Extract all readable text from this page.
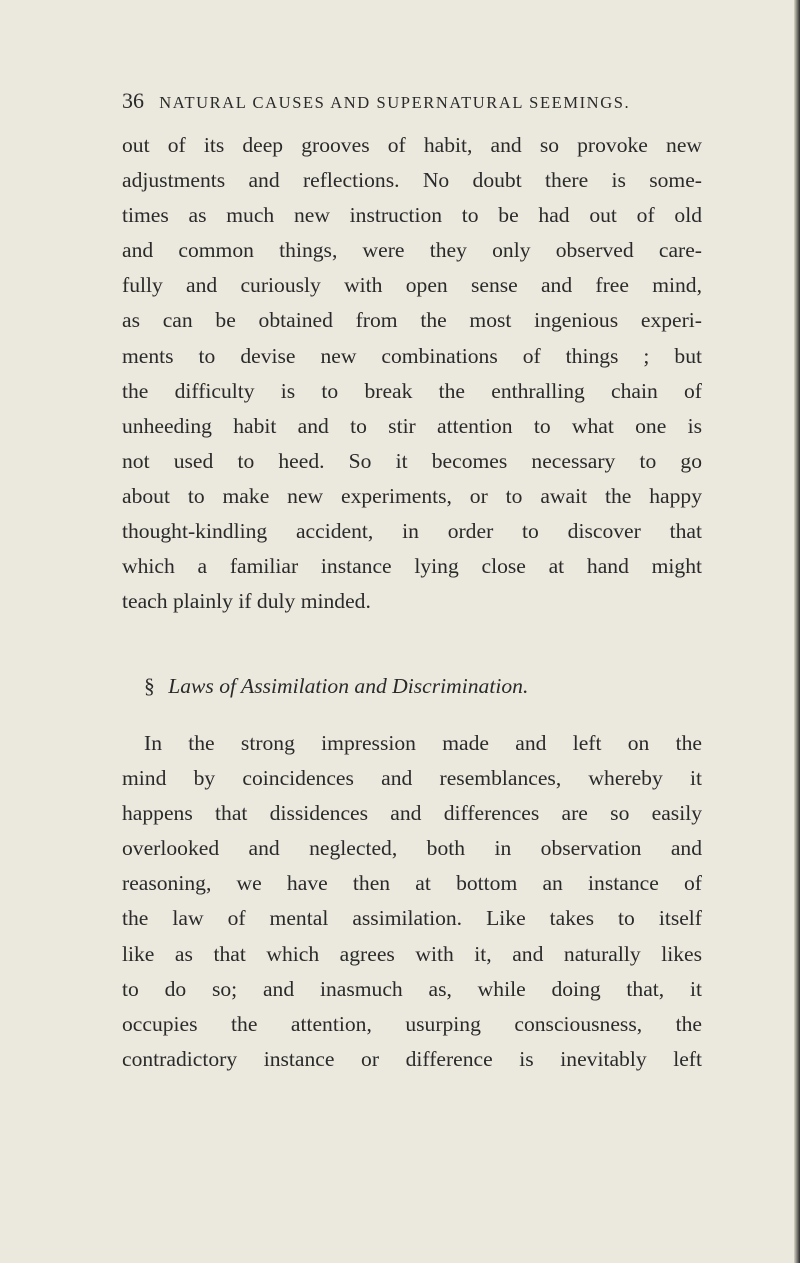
36 NATURAL CAUSES AND SUPERNATURAL SEEMINGS.
out of its deep grooves of habit, and so provoke new
adjustments and reflections. No doubt there is some-
times as much new instruction to be had out of old
and common things, were they only observed care-
fully and curiously with open sense and free mind,
as can be obtained from the most ingenious experi-
ments to devise new combinations of things ; but
the difficulty is to break the enthralling chain of
unheeding habit and to stir attention to what one is
not used to heed. So it becomes necessary to go
about to make new experiments, or to await the happy
thought-kindling accident, in order to discover that
which a familiar instance lying close at hand might
teach plainly if duly minded.
§ Laws of Assimilation and Discrimination.
In the strong impression made and left on the
mind by coincidences and resemblances, whereby it
happens that dissidences and differences are so easily
overlooked and neglected, both in observation and
reasoning, we have then at bottom an instance of
the law of mental assimilation. Like takes to itself
like as that which agrees with it, and naturally likes
to do so; and inasmuch as, while doing that, it
occupies the attention, usurping consciousness, the
contradictory instance or difference is inevitably left
